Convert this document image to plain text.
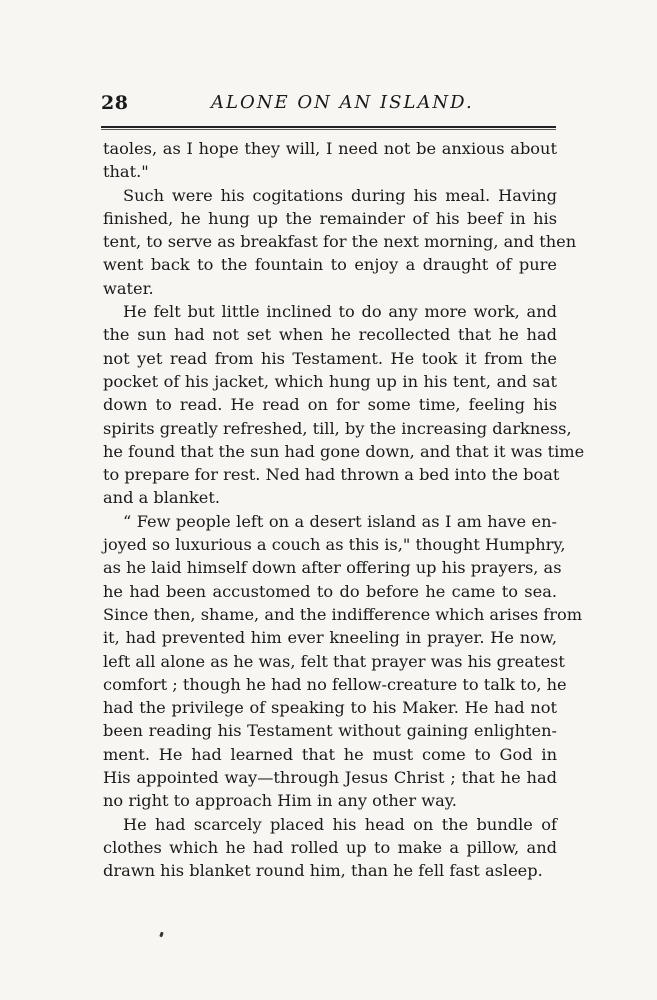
28	ALONE ON AN ISLAND.
taoles, as I hope they will, I need not be anxious about
that."
Such were his cogitations during his meal. Having
finished, he hung up the remainder of his beef in his
tent, to serve as breakfast for the next morning, and then
went back to the fountain to enjoy a draught of pure
water.
He felt but little inclined to do any more work, and
the sun had not set when he recollected that he had
not yet read from his Testament. He took it from the
pocket of his jacket, which hung up in his tent, and sat
down to read. He read on for some time, feeling his
spirits greatly refreshed, till, by the increasing darkness,
he found that the sun had gone down, and that it was time
to prepare for rest. Ned had thrown a bed into the boat
and a blanket.
“ Few people left on a desert island as I am have en-
joyed so luxurious a couch as this is," thought Humphry,
as he laid himself down after offering up his prayers, as
he had been accustomed to do before he came to sea.
Since then, shame, and the indifference which arises from
it, had prevented him ever kneeling in prayer. He now,
left all alone as he was, felt that prayer was his greatest
comfort ; though he had no fellow-creature to talk to, he
had the privilege of speaking to his Maker. He had not
been reading his Testament without gaining enlighten-
ment. He had learned that he must come to God in
His appointed way—through Jesus Christ ; that he had
no right to approach Him in any other way.
He had scarcely placed his head on the bundle of
clothes which he had rolled up to make a pillow, and
drawn his blanket round him, than he fell fast asleep.
